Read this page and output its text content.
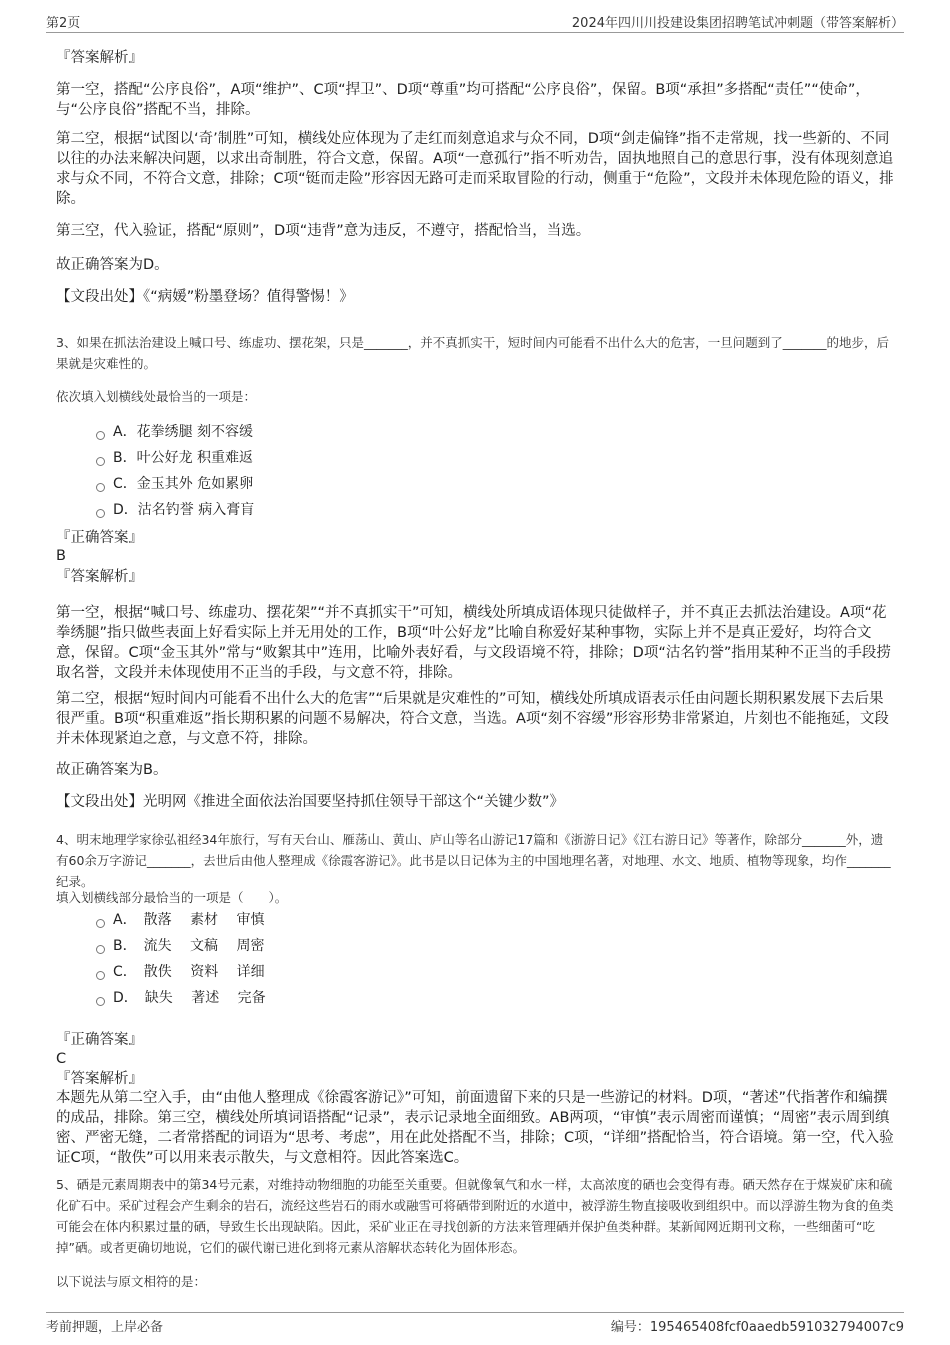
第2页	2024年四川川投建设集团招聘笔试冲刺题（带答案解析）
『答案解析』

第一空，搭配“公序良俗”，A项“维护”、C项“捍卫”、D项“尊重”均可搭配“公序良俗”，保留。B项“承担”多搭配“责任”“使命”，与“公序良俗”搭配不当，排除。

第二空，根据“试图以‘奇’制胜”可知，横线处应体现为了走红而刻意追求与众不同，D项“剑走偏锋”指不走常规，找一些新的、不同以往的办法来解决问题，以求出奇制胜，符合文意，保留。A项“一意孤行”指不听劝告，固执地照自己的意思行事，没有体现刻意追求与众不同，不符合文意，排除；C项“铤而走险”形容因无路可走而采取冒险的行动，侧重于“危险”，文段并未体现危险的语义，排除。

第三空，代入验证，搭配“原则”，D项“违背”意为违反，不遵守，搭配恰当，当选。

故正确答案为D。

【文段出处】《“病媛”粉墨登场？值得警惕！》

3、如果在抓法治建设上喊口号、练虚功、摆花架，只是_______，并不真抓实干，短时间内可能看不出什么大的危害，一旦问题到了_______的地步，后果就是灾难性的。

依次填入划横线处最恰当的一项是：

A．花拳绣腿 刻不容缓
B．叶公好龙 积重难返
C．金玉其外 危如累卵
D．沽名钓誉 病入膏肓
『正确答案』
B
『答案解析』

第一空，根据“喊口号、练虚功、摆花架”“并不真抓实干”可知，横线处所填成语体现只徒做样子，并不真正去抓法治建设。A项“花拳绣腿”指只做些表面上好看实际上并无用处的工作，B项“叶公好龙”比喻自称爱好某种事物，实际上并不是真正爱好，均符合文意，保留。C项“金玉其外”常与“败絮其中”连用，比喻外表好看，与文段语境不符，排除；D项“沽名钓誉”指用某种不正当的手段捞取名誉，文段并未体现使用不正当的手段，与文意不符，排除。

第二空，根据“短时间内可能看不出什么大的危害”“后果就是灾难性的”可知，横线处所填成语表示任由问题长期积累发展下去后果很严重。B项“积重难返”指长期积累的问题不易解决，符合文意，当选。A项“刻不容缓”形容形势非常紧迫，片刻也不能拖延，文段并未体现紧迫之意，与文意不符，排除。

故正确答案为B。

【文段出处】光明网《推进全面依法治国要坚持抓住领导干部这个“关键少数”》

4、明末地理学家徐弘祖经34年旅行，写有天台山、雁荡山、黄山、庐山等名山游记17篇和《浙游日记》《江右游日记》等著作，除部分_______外，遗有60余万字游记_______，去世后由他人整理成《徐霞客游记》。此书是以日记体为主的中国地理名著，对地理、水文、地质、植物等现象，均作_______纪录。

填入划横线部分最恰当的一项是（　　）。

A．　散落　 素材　 审慎
B．　流失　 文稿　 周密
C．　散佚　 资料　 详细
D．　缺失　 著述　 完备
『正确答案』
C
『答案解析』

本题先从第二空入手，由“由他人整理成《徐霞客游记》”可知，前面遗留下来的只是一些游记的材料。D项，“著述”代指著作和编撰的成品，排除。第三空，横线处所填词语搭配“记录”，表示记录地全面细致。AB两项，“审慎”表示周密而谨慎；“周密”表示周到缜密、严密无缝，二者常搭配的词语为“思考、考虑”，用在此处搭配不当，排除；C项，“详细”搭配恰当，符合语境。第一空，代入验证C项，“散佚”可以用来表示散失，与文意相符。因此答案选C。

5、硒是元素周期表中的第34号元素，对维持动物细胞的功能至关重要。但就像氧气和水一样，太高浓度的硒也会变得有毒。硒天然存在于煤炭矿床和硫化矿石中。采矿过程会产生剩余的岩石，流经这些岩石的雨水或融雪可将硒带到附近的水道中，被浮游生物直接吸收到组织中。而以浮游生物为食的鱼类可能会在体内积累过量的硒，导致生长出现缺陷。因此，采矿业正在寻找创新的方法来管理硒并保护鱼类种群。某新闻网近期刊文称，一些细菌可“吃掉”硒。或者更确切地说，它们的碳代谢已进化到将元素从溶解状态转化为固体形态。

以下说法与原文相符的是：

考前押题，上岸必备	编号：195465408fcf0aaedb591032794007c9
